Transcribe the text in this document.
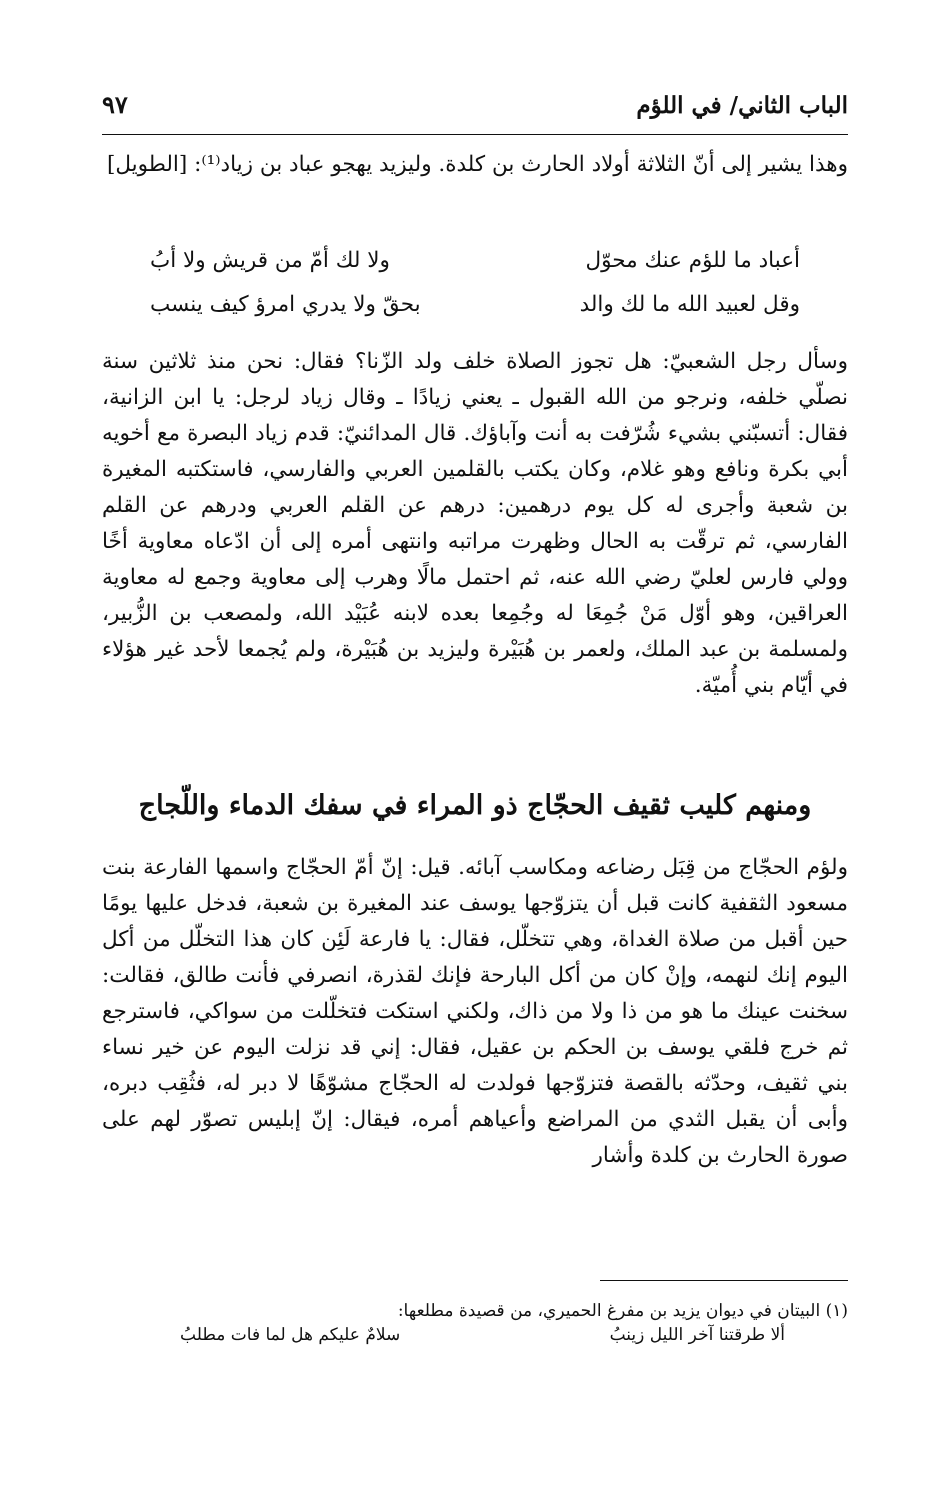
الباب الثاني/ في اللؤم
٩٧

وهذا يشير إلى أنّ الثلاثة أولاد الحارث بن كلدة. وليزيد يهجو عباد بن زياد⁽¹⁾: [الطويل]

أعباد ما للؤم عنك محوّل
ولا لك أمّ من قريش ولا أبُ
وقل لعبيد الله ما لك والد
بحقّ ولا يدري امرؤ كيف ينسب

وسأل رجل الشعبيّ: هل تجوز الصلاة خلف ولد الزّنا؟ فقال: نحن منذ ثلاثين سنة نصلّي خلفه، ونرجو من الله القبول ـ يعني زيادًا ـ وقال زياد لرجل: يا ابن الزانية، فقال: أتسبّني بشيء شُرّفت به أنت وآباؤك. قال المدائنيّ: قدم زياد البصرة مع أخويه أبي بكرة ونافع وهو غلام، وكان يكتب بالقلمين العربي والفارسي، فاستكتبه المغيرة بن شعبة وأجرى له كل يوم درهمين: درهم عن القلم العربي ودرهم عن القلم الفارسي، ثم ترقّت به الحال وظهرت مراتبه وانتهى أمره إلى أن ادّعاه معاوية أخًا وولي فارس لعليّ رضي الله عنه، ثم احتمل مالًا وهرب إلى معاوية وجمع له معاوية العراقين، وهو أوّل مَنْ جُمِعَا له وجُمِعا بعده لابنه عُبَيْد الله، ولمصعب بن الزُّبير، ولمسلمة بن عبد الملك، ولعمر بن هُبَيْرة وليزيد بن هُبَيْرة، ولم يُجمعا لأحد غير هؤلاء في أيّام بني أُميّة.

ومنهم كليب ثقيف الحجّاج ذو المراء في سفك الدماء واللّجاج

ولؤم الحجّاج من قِبَل رضاعه ومكاسب آبائه. قيل: إنّ أمّ الحجّاج واسمها الفارعة بنت مسعود الثقفية كانت قبل أن يتزوّجها يوسف عند المغيرة بن شعبة، فدخل عليها يومًا حين أقبل من صلاة الغداة، وهي تتخلّل، فقال: يا فارعة لَئِن كان هذا التخلّل من أكل اليوم إنك لنهمه، وإنْ كان من أكل البارحة فإنك لقذرة، انصرفي فأنت طالق، فقالت: سخنت عينك ما هو من ذا ولا من ذاك، ولكني استكت فتخلّلت من سواكي، فاسترجع ثم خرج فلقي يوسف بن الحكم بن عقيل، فقال: إني قد نزلت اليوم عن خير نساء بني ثقيف، وحدّثه بالقصة فتزوّجها فولدت له الحجّاج مشوّهًا لا دبر له، فثُقِب دبره، وأبى أن يقبل الثدي من المراضع وأعياهم أمره، فيقال: إنّ إبليس تصوّر لهم على صورة الحارث بن كلدة وأشار

(١) البيتان في ديوان يزيد بن مفرغ الحميري، من قصيدة مطلعها:
ألا طرقتنا آخر الليل زينبُ
سلامٌ عليكم هل لما فات مطلبُ
